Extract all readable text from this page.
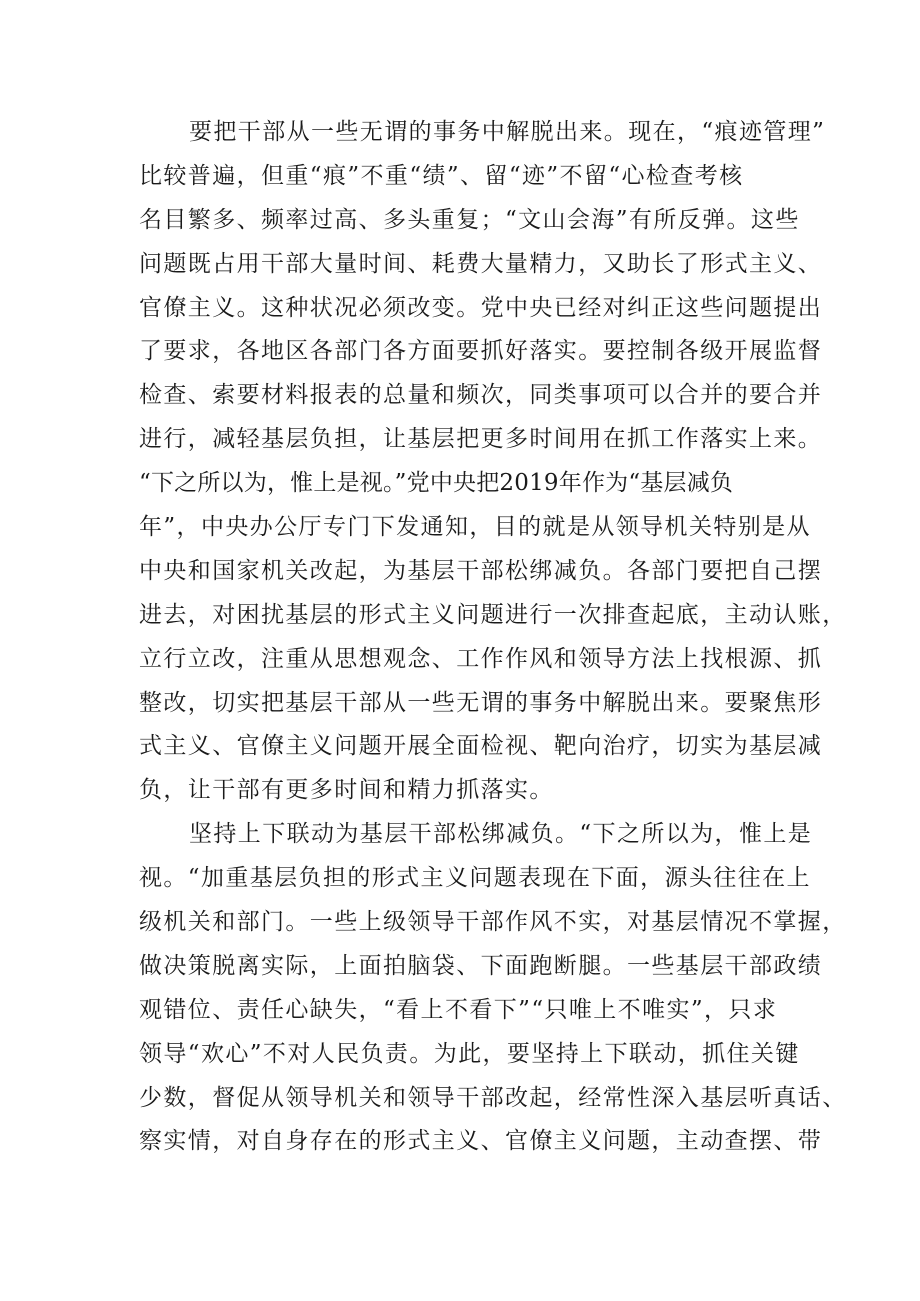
要把干部从一些无谓的事务中解脱出来。现在，“痕迹管理”
比较普遍，但重“痕”不重“绩”、留“迹”不留“心检查考核
名目繁多、频率过高、多头重复；“文山会海”有所反弹。这些
问题既占用干部大量时间、耗费大量精力，又助长了形式主义、
官僚主义。这种状况必须改变。党中央已经对纠正这些问题提出
了要求，各地区各部门各方面要抓好落实。要控制各级开展监督
检查、索要材料报表的总量和频次，同类事项可以合并的要合并
进行，减轻基层负担，让基层把更多时间用在抓工作落实上来。
“下之所以为，惟上是视。”党中央把2019年作为“基层减负
年”，中央办公厅专门下发通知，目的就是从领导机关特别是从
中央和国家机关改起，为基层干部松绑减负。各部门要把自己摆
进去，对困扰基层的形式主义问题进行一次排查起底，主动认账，
立行立改，注重从思想观念、工作作风和领导方法上找根源、抓
整改，切实把基层干部从一些无谓的事务中解脱出来。要聚焦形
式主义、官僚主义问题开展全面检视、靶向治疗，切实为基层减
负，让干部有更多时间和精力抓落实。
坚持上下联动为基层干部松绑减负。“下之所以为，惟上是
视。“加重基层负担的形式主义问题表现在下面，源头往往在上
级机关和部门。一些上级领导干部作风不实，对基层情况不掌握，
做决策脱离实际，上面拍脑袋、下面跑断腿。一些基层干部政绩
观错位、责任心缺失，“看上不看下”“只唯上不唯实”，只求
领导“欢心”不对人民负责。为此，要坚持上下联动，抓住关键
少数，督促从领导机关和领导干部改起，经常性深入基层听真话、
察实情，对自身存在的形式主义、官僚主义问题，主动查摆、带
